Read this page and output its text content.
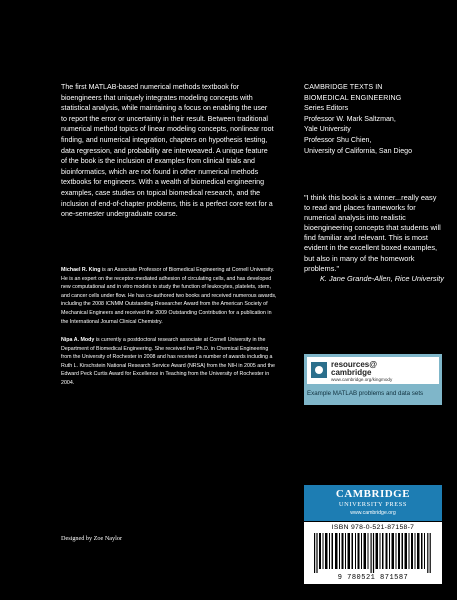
The first MATLAB-based numerical methods textbook for bioengineers that uniquely integrates modeling concepts with statistical analysis, while maintaining a focus on enabling the user to report the error or uncertainty in their result. Between traditional numerical method topics of linear modeling concepts, nonlinear root finding, and numerical integration, chapters on hypothesis testing, data regression, and probability are interweaved. A unique feature of the book is the inclusion of examples from clinical trials and bioinformatics, which are not found in other numerical methods textbooks for engineers. With a wealth of biomedical engineering examples, case studies on topical biomedical research, and the inclusion of end-of-chapter problems, this is a perfect core text for a one-semester undergraduate course.

Michael R. King is an Associate Professor of Biomedical Engineering at Cornell University. He is an expert on the receptor-mediated adhesion of circulating cells, and has developed new computational and in vitro models to study the function of leukocytes, platelets, stem, and cancer cells under flow. He has co-authored two books and received numerous awards, including the 2008 ICNMM Outstanding Researcher Award from the American Society of Mechanical Engineers and received the 2009 Outstanding Contribution for a publication in the International Journal Clinical Chemistry.
Nipa A. Mody is currently a postdoctoral research associate at Cornell University in the Department of Biomedical Engineering. She received her Ph.D. in Chemical Engineering from the University of Rochester in 2008 and has received a number of awards including a Ruth L. Kirschstein National Research Service Award (NRSA) from the NIH in 2005 and the Edward Peck Curtis Award for Excellence in Teaching from the University of Rochester in 2004.
Designed by Zoe Naylor
CAMBRIDGE TEXTS IN
BIOMEDICAL ENGINEERING
Series Editors
Professor W. Mark Saltzman,
Yale University
Professor Shu Chien,
University of California, San Diego
"I think this book is a winner...really easy to read and places frameworks for numerical analysis into realistic bioengineering concepts that students will find familiar and relevant. This is most evident in the excellent boxed examples, but also in many of the homework problems."
K. Jane Grande-Allen, Rice University
resources@
cambridge
www.cambridge.org/kingmody
Example MATLAB problems and data sets
CAMBRIDGE
UNIVERSITY PRESS
www.cambridge.org
ISBN 978-0-521-87158-7
9 780521 871587
